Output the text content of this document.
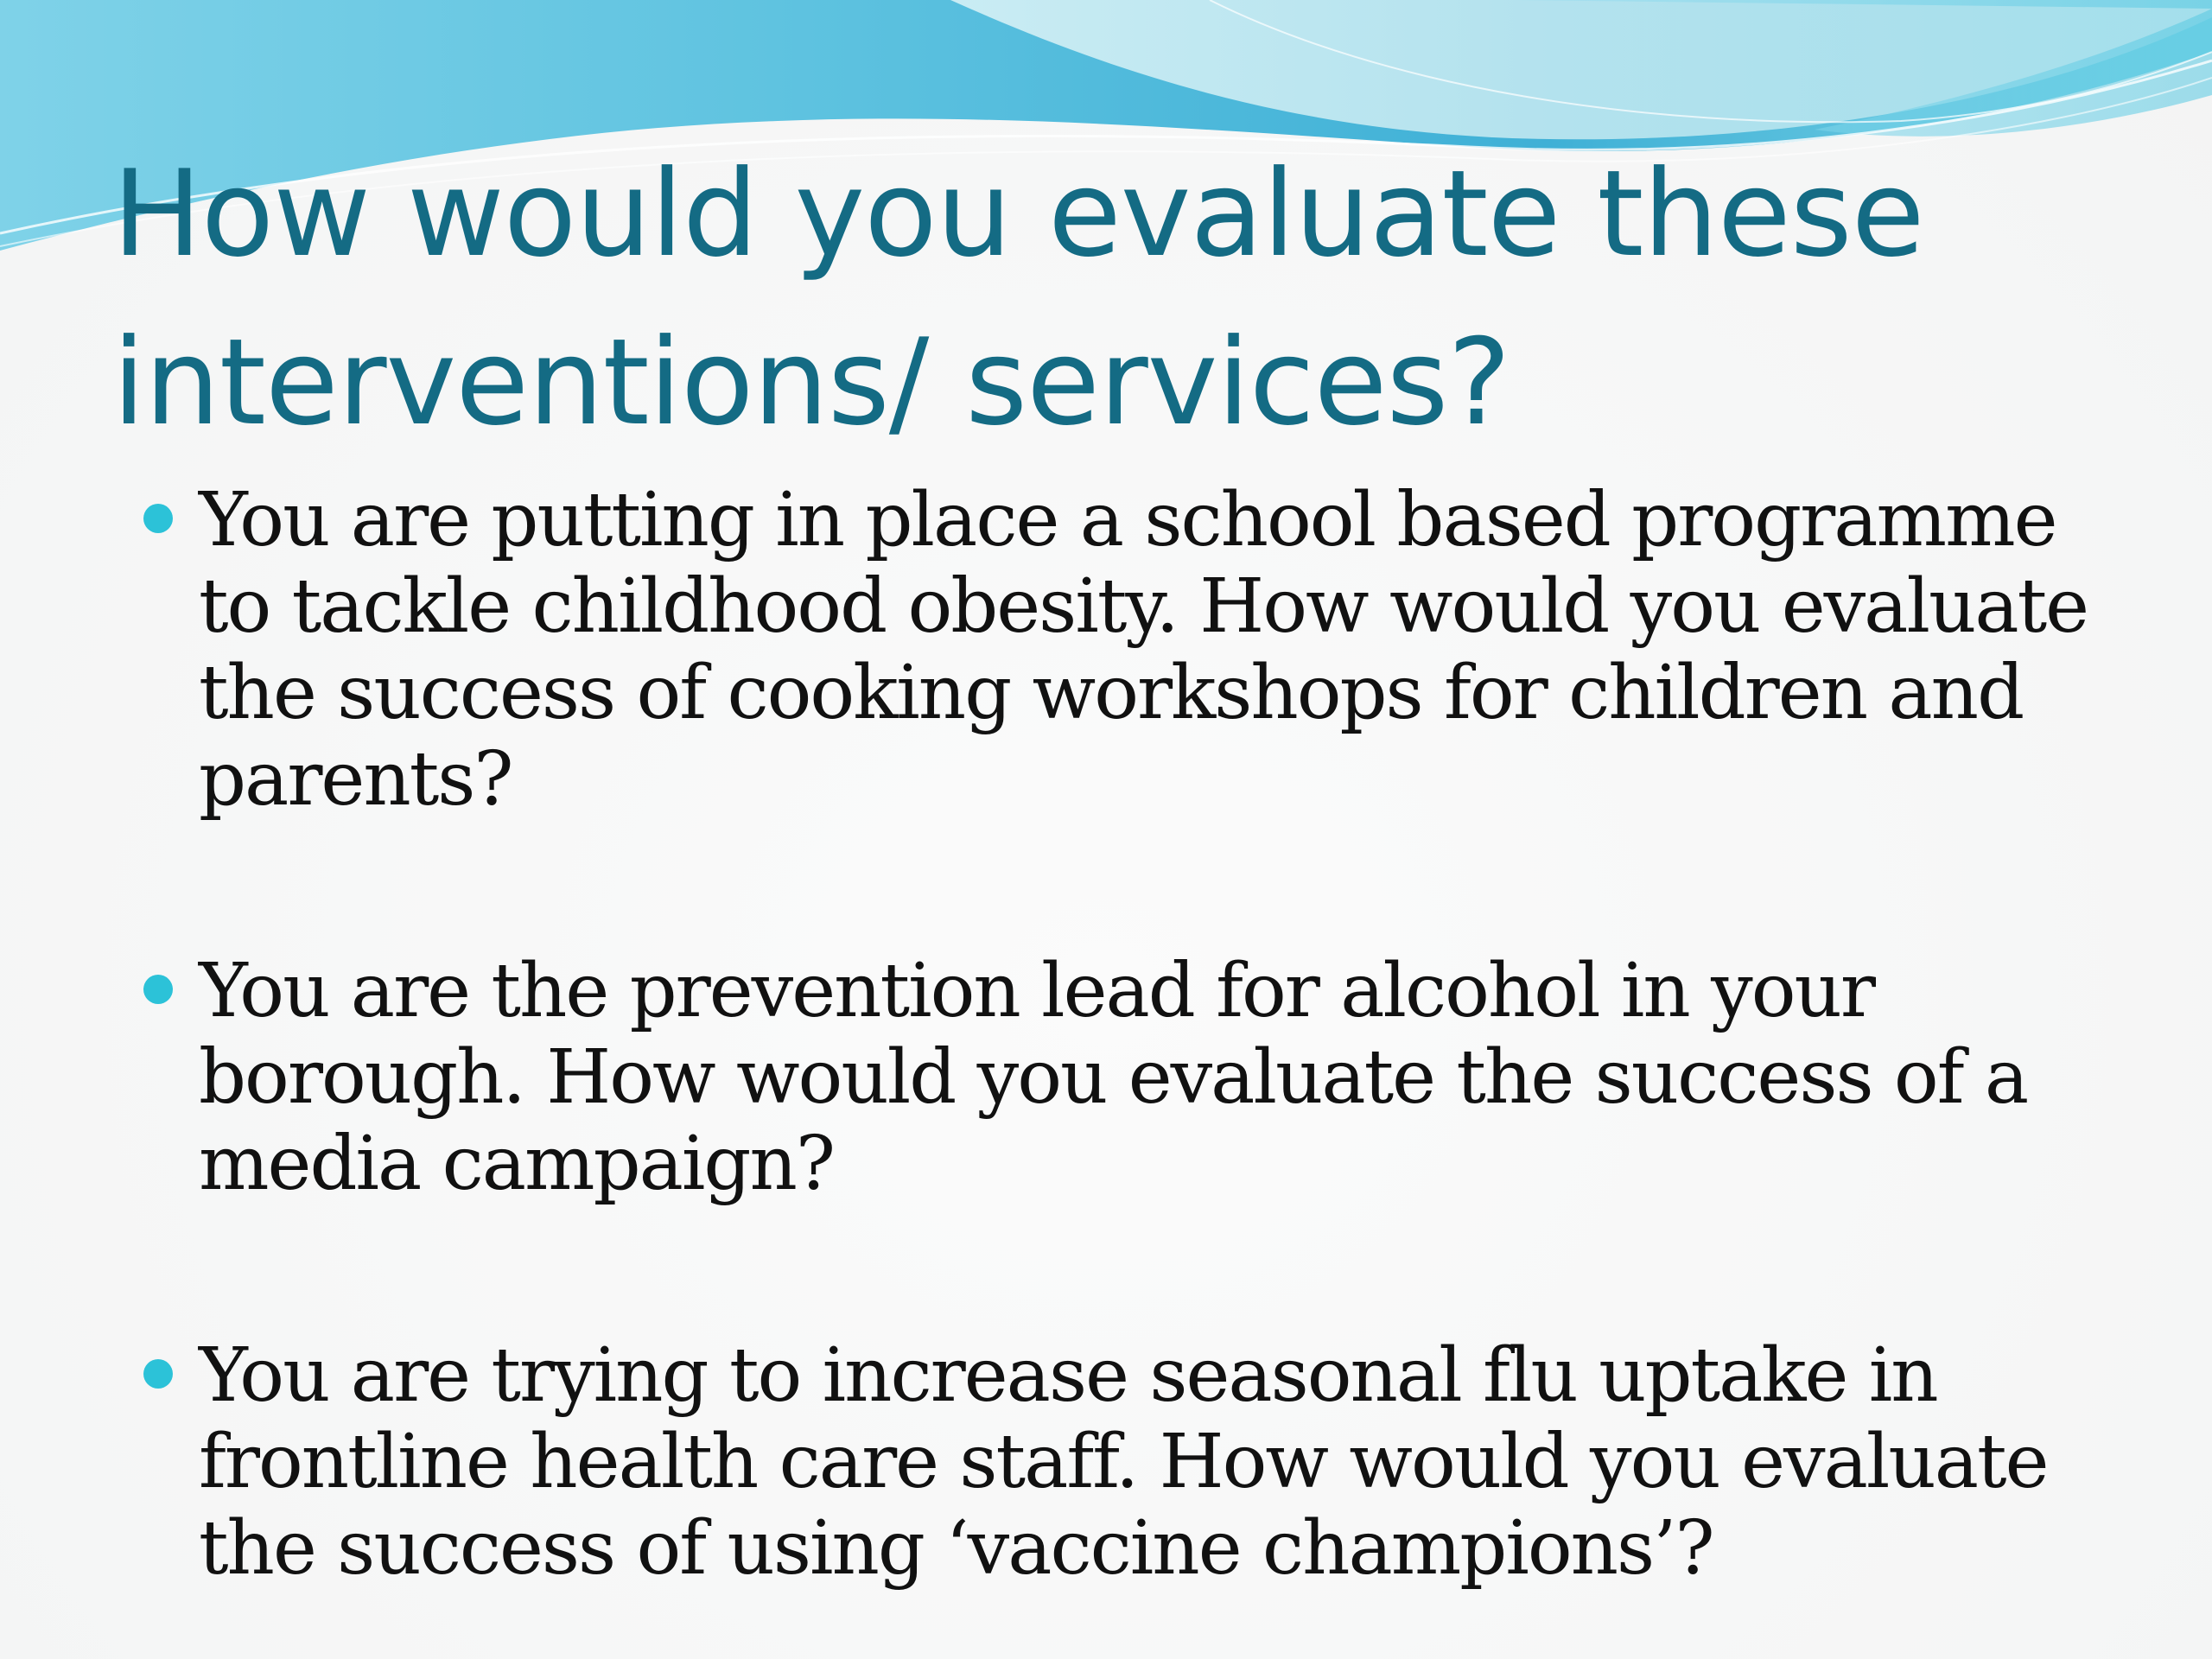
How would you evaluate these interventions/ services?
You are putting in place a school based programme to tackle childhood obesity. How would you evaluate the success of cooking workshops for children and parents?
You are the prevention lead for alcohol in your borough. How would you evaluate the success of a media campaign?
You are trying to increase seasonal flu uptake in frontline health care staff. How would you evaluate the success of using ‘vaccine champions’?
